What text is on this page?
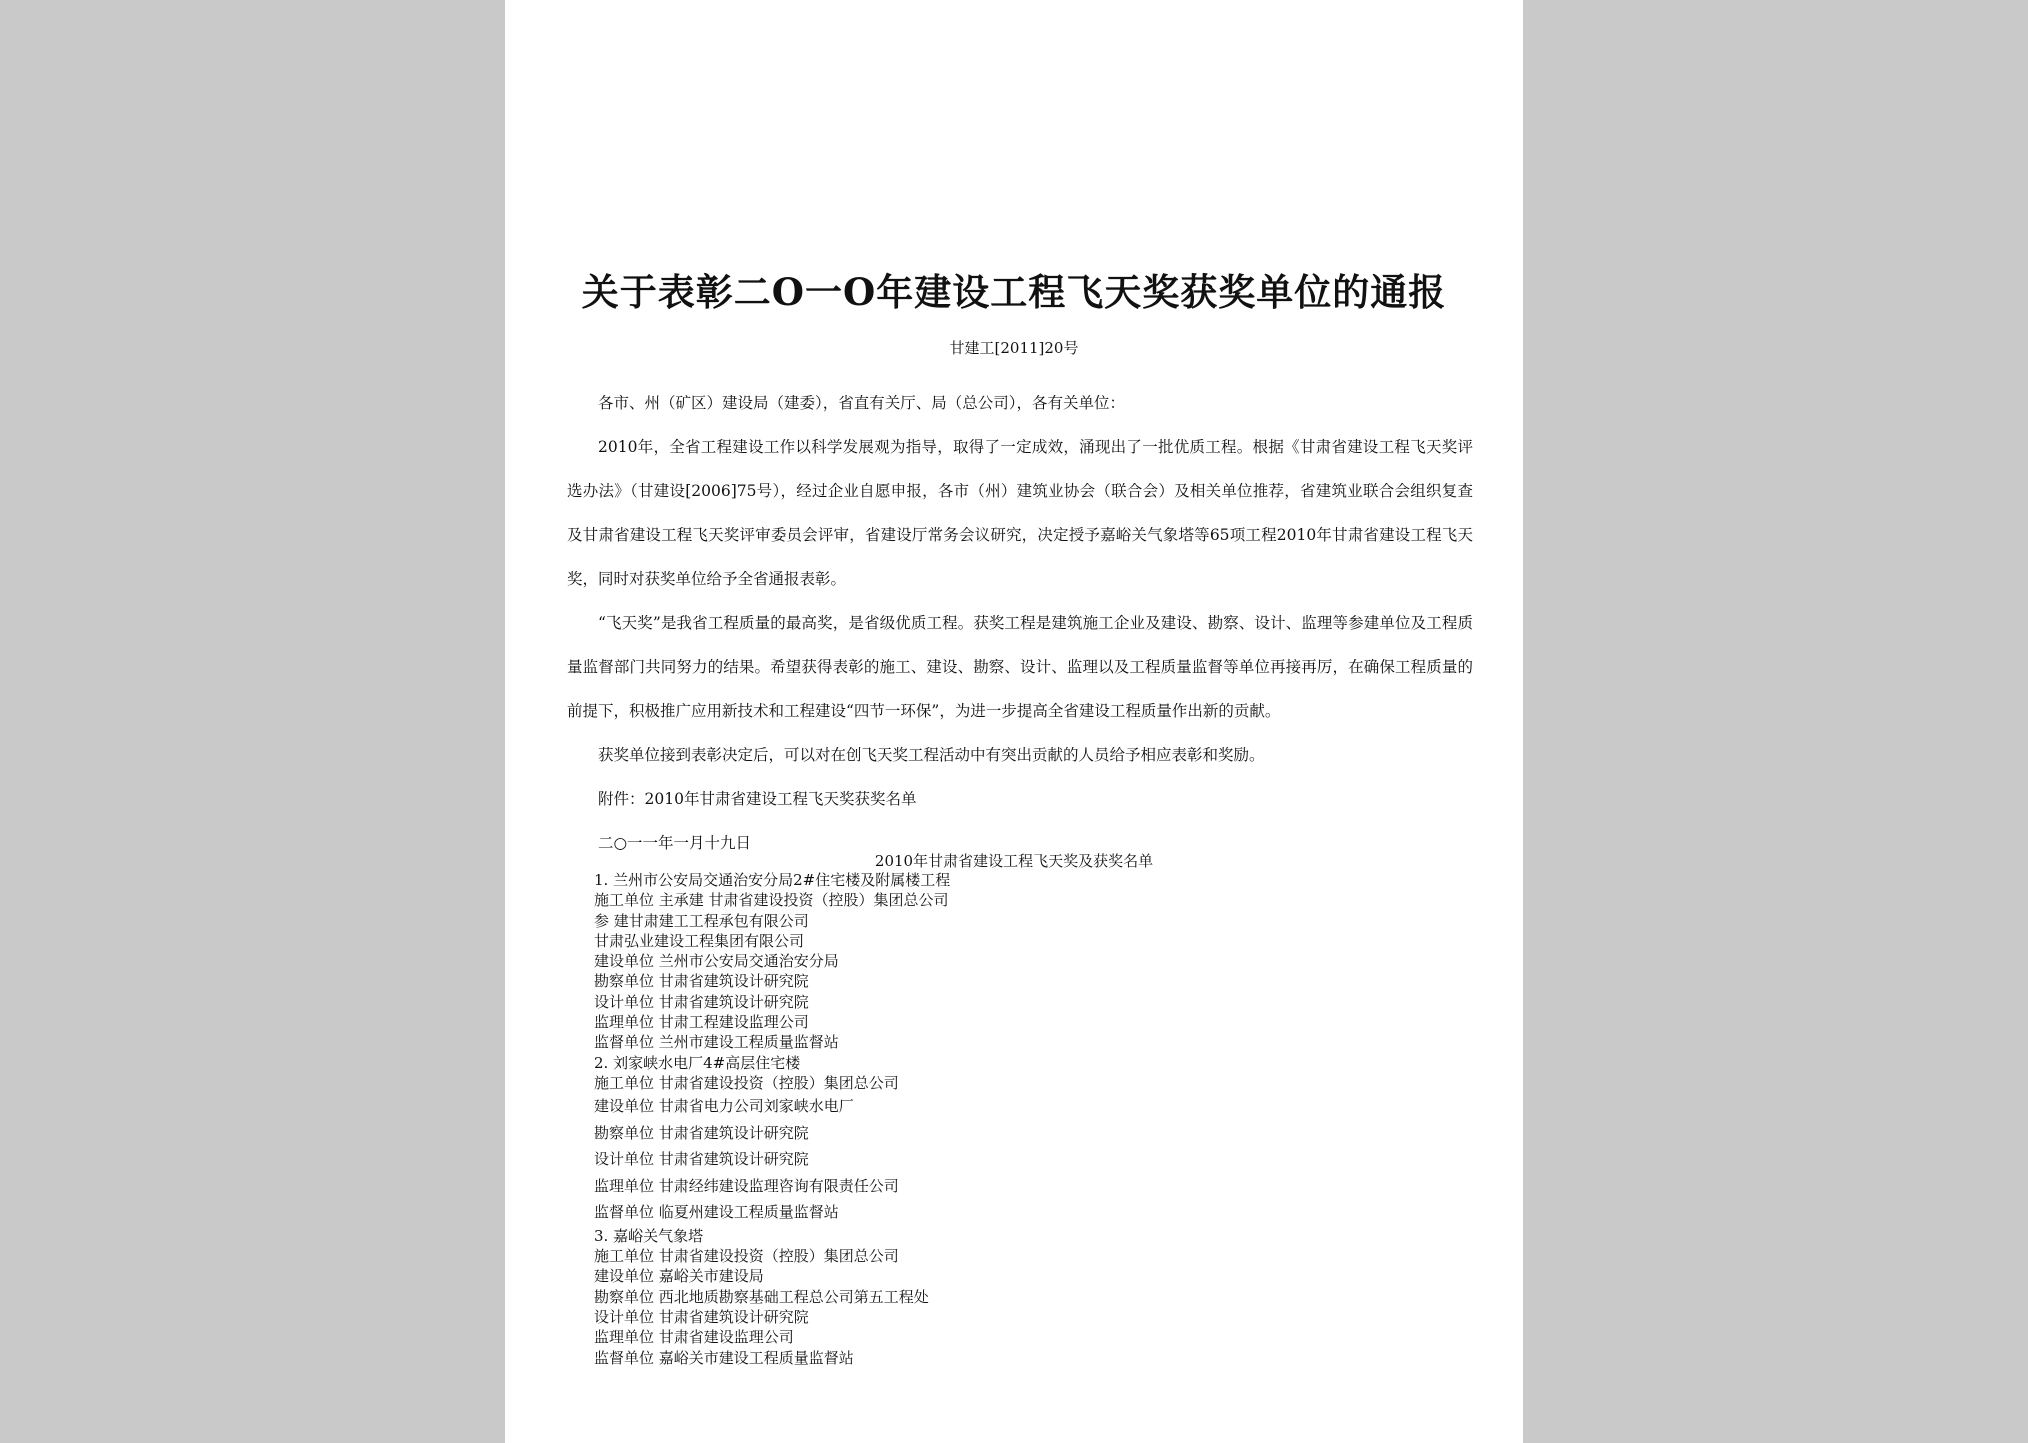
关于表彰二O一O年建设工程飞天奖获奖单位的通报
甘建工[2011]20号

各市、州（矿区）建设局（建委），省直有关厅、局（总公司），各有关单位：

2010年，全省工程建设工作以科学发展观为指导，取得了一定成效，涌现出了一批优质工程。根据《甘肃省建设工程飞天奖评选办法》（甘建设[2006]75号），经过企业自愿申报，各市（州）建筑业协会（联合会）及相关单位推荐，省建筑业联合会组织复查及甘肃省建设工程飞天奖评审委员会评审，省建设厅常务会议研究，决定授予嘉峪关气象塔等65项工程2010年甘肃省建设工程飞天奖，同时对获奖单位给予全省通报表彰。

“飞天奖”是我省工程质量的最高奖，是省级优质工程。获奖工程是建筑施工企业及建设、勘察、设计、监理等参建单位及工程质量监督部门共同努力的结果。希望获得表彰的施工、建设、勘察、设计、监理以及工程质量监督等单位再接再厉，在确保工程质量的前提下，积极推广应用新技术和工程建设“四节一环保”，为进一步提高全省建设工程质量作出新的贡献。

获奖单位接到表彰决定后，可以对在创飞天奖工程活动中有突出贡献的人员给予相应表彰和奖励。

附件：2010年甘肃省建设工程飞天奖获奖名单

二○一一年一月十九日

2010年甘肃省建设工程飞天奖及获奖名单
1. 兰州市公安局交通治安分局2#住宅楼及附属楼工程
施工单位 主承建 甘肃省建设投资（控股）集团总公司
参 建甘肃建工工程承包有限公司
甘肃弘业建设工程集团有限公司
建设单位 兰州市公安局交通治安分局
勘察单位 甘肃省建筑设计研究院
设计单位 甘肃省建筑设计研究院
监理单位 甘肃工程建设监理公司
监督单位 兰州市建设工程质量监督站
2. 刘家峡水电厂4#高层住宅楼
施工单位 甘肃省建设投资（控股）集团总公司
建设单位 甘肃省电力公司刘家峡水电厂
勘察单位 甘肃省建筑设计研究院
设计单位 甘肃省建筑设计研究院
监理单位 甘肃经纬建设监理咨询有限责任公司
监督单位 临夏州建设工程质量监督站
3. 嘉峪关气象塔
施工单位 甘肃省建设投资（控股）集团总公司
建设单位 嘉峪关市建设局
勘察单位 西北地质勘察基础工程总公司第五工程处
设计单位 甘肃省建筑设计研究院
监理单位 甘肃省建设监理公司
监督单位 嘉峪关市建设工程质量监督站
